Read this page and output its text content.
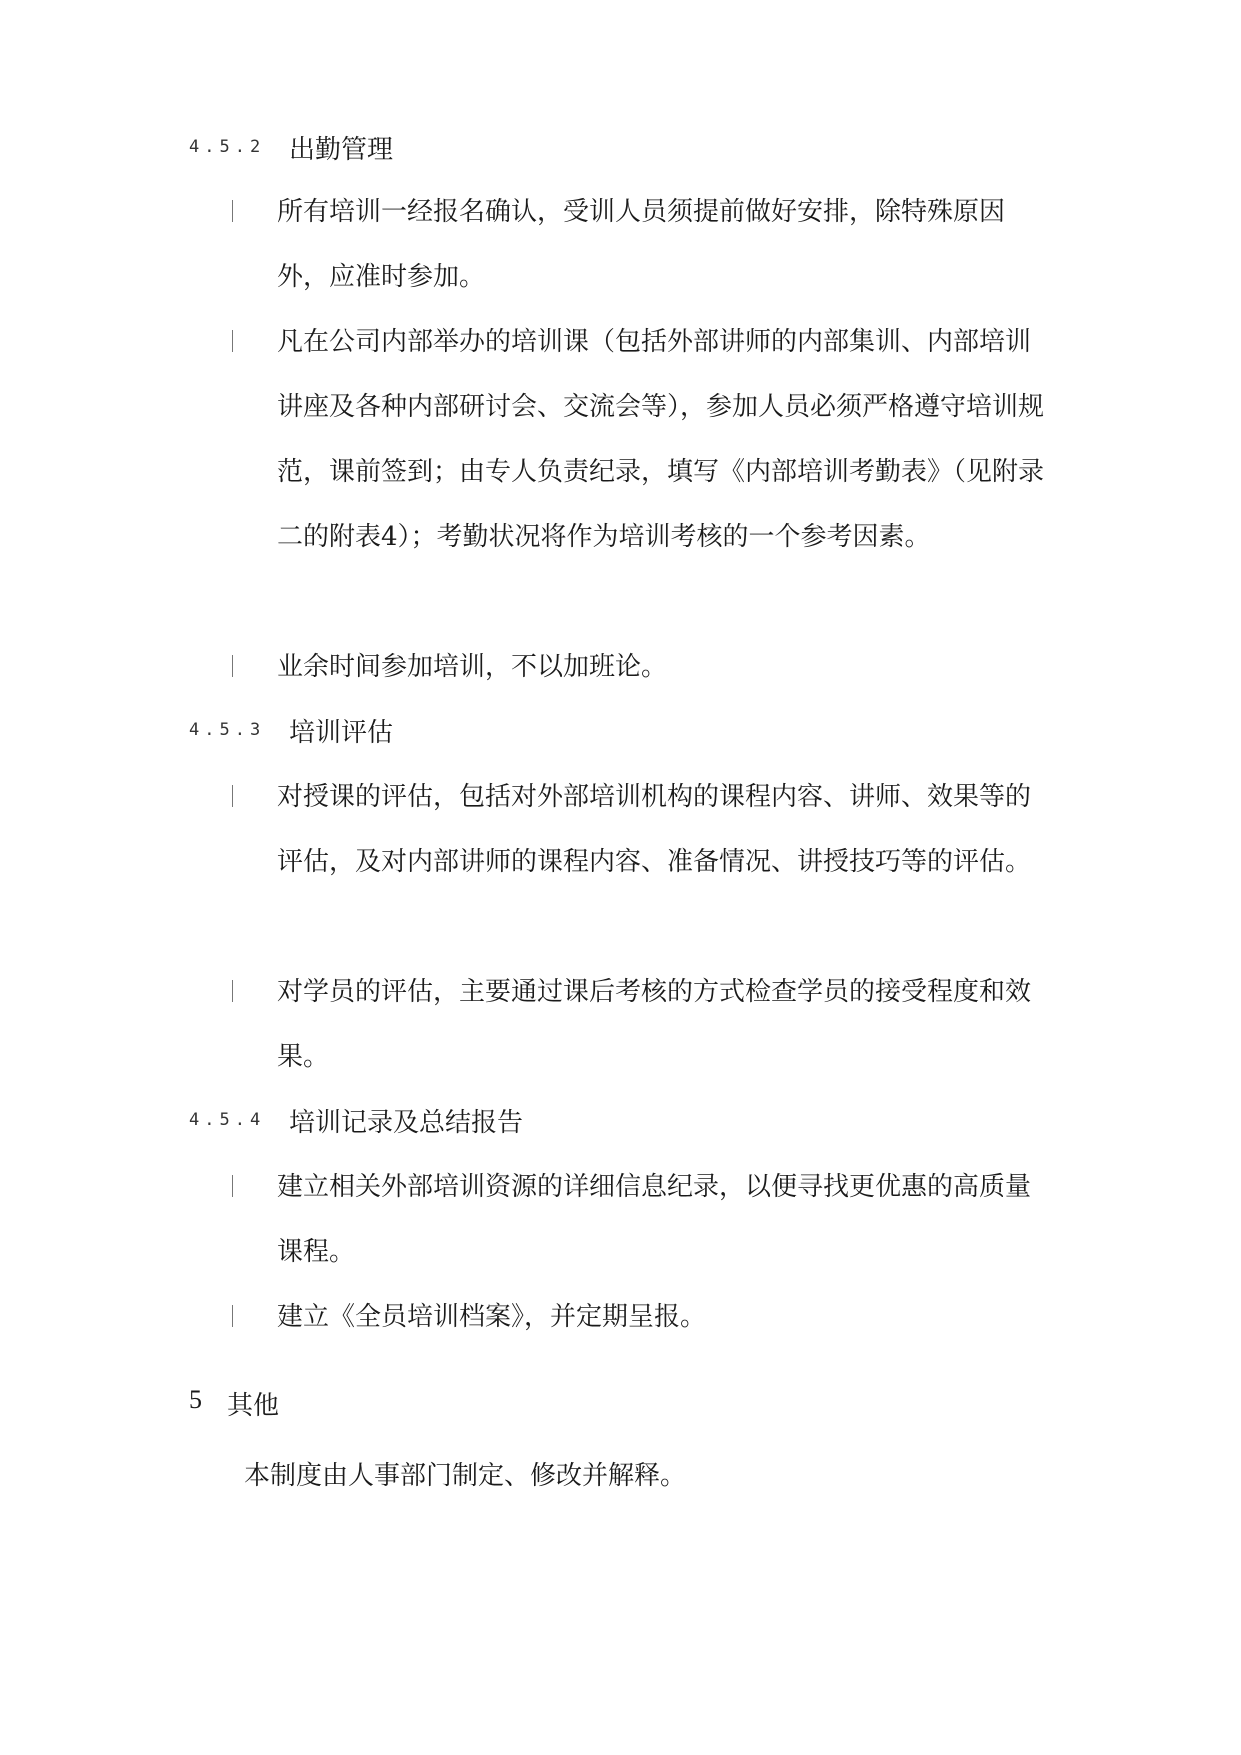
4.5.2 出勤管理

所有培训一经报名确认，受训人员须提前做好安排，除特殊原因外，应准时参加。

凡在公司内部举办的培训课（包括外部讲师的内部集训、内部培训讲座及各种内部研讨会、交流会等），参加人员必须严格遵守培训规范，课前签到；由专人负责纪录，填写《内部培训考勤表》（见附录二的附表4）；考勤状况将作为培训考核的一个参考因素。

业余时间参加培训，不以加班论。

4.5.3 培训评估

对授课的评估，包括对外部培训机构的课程内容、讲师、效果等的评估，及对内部讲师的课程内容、准备情况、讲授技巧等的评估。

对学员的评估，主要通过课后考核的方式检查学员的接受程度和效果。

4.5.4 培训记录及总结报告

建立相关外部培训资源的详细信息纪录，以便寻找更优惠的高质量课程。

建立《全员培训档案》，并定期呈报。

5 其他
本制度由人事部门制定、修改并解释。
